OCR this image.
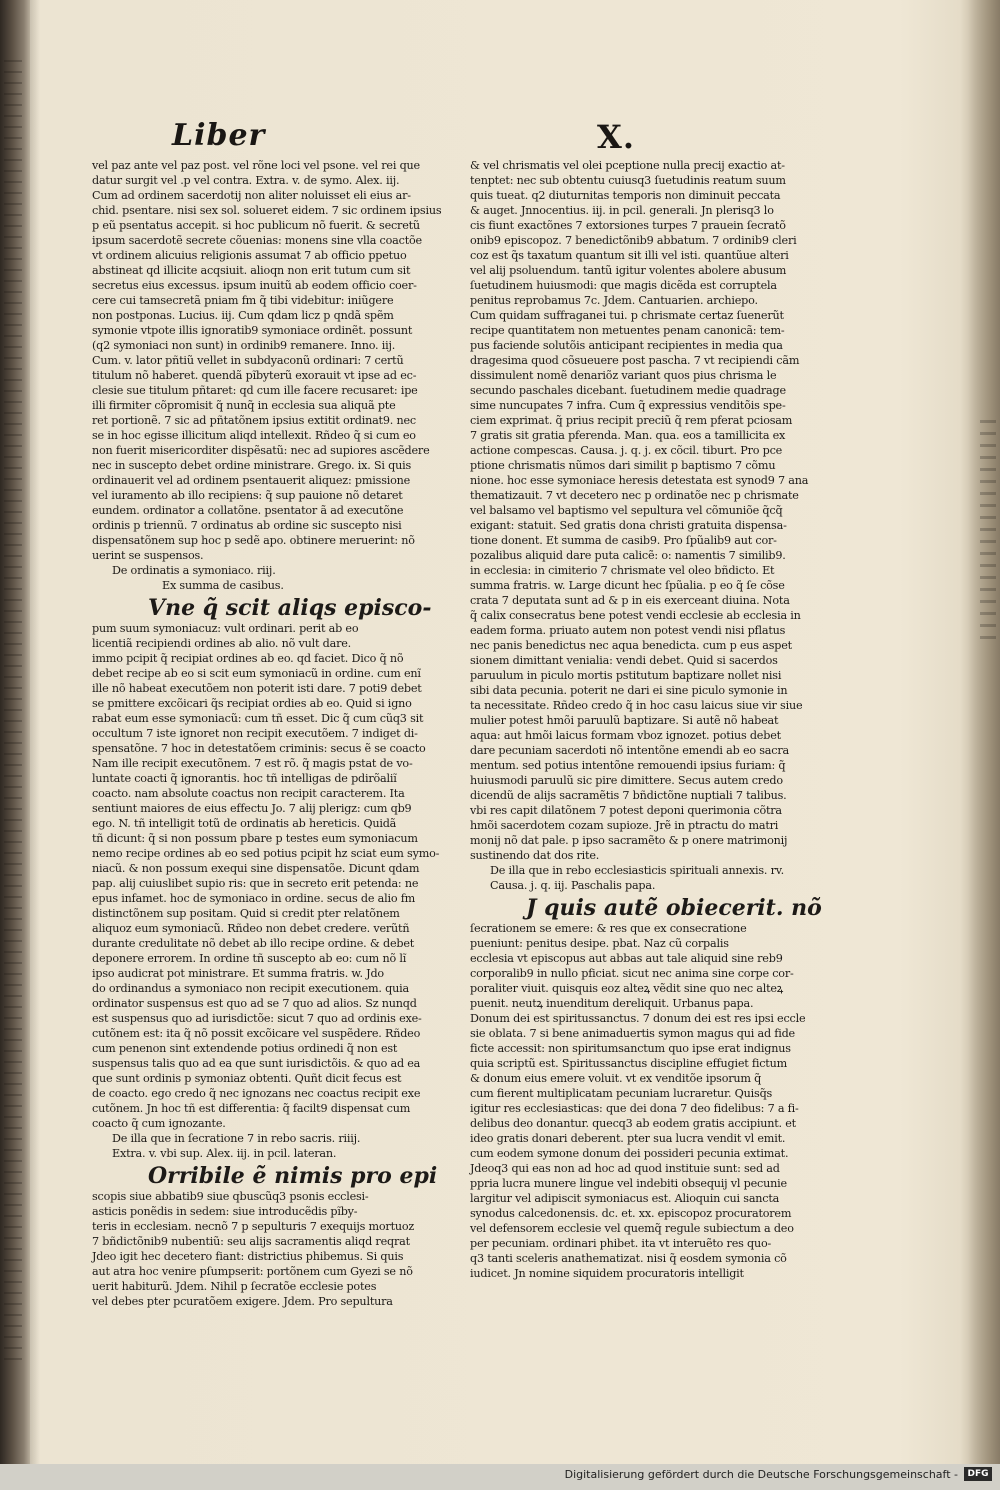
Liber	X.
vel paz ante vel paz post. vel rõne loci vel psone. vel rei que
datur surgit vel .p vel contra. Extra. v. de symo. Alex. iij.
Cum ad ordinem sacerdotij non aliter noluisset eli eius ar-
chid. psentare. nisi sex sol. solueret eidem. 7 sic ordinem ipsius
p eũ psentatus accepit. si hoc publicum nõ fuerit. & secretũ
ipsum sacerdotẽ secrete cõuenias: monens sine vlla coactõe
vt ordinem alicuius religionis assumat 7 ab officio ppetuo
abstineat qd illicite acqsiuit. alioqn non erit tutum cum sit
secretus eius excessus. ipsum inuitũ ab eodem officio coer-
cere cui tamsecretã pniam fm q̃ tibi videbitur: iniũgere
non postponas. Lucius. iij. Cum qdam licz p qndã spẽm
symonie vtpote illis ignoratib9 symoniace ordinẽt. possunt
(q2 symoniaci non sunt) in ordinib9 remanere. Inno. iij.
Cum. v. lator pñtiũ vellet in subdyaconũ ordinari: 7 certũ
titulum nõ haberet. quendã pĩbyterũ exorauit vt ipse ad ec-
clesie sue titulum pñtaret: qd cum ille facere recusaret: ipe
illi firmiter cõpromisit q̃ nunq̃ in ecclesia sua aliquã pte
ret portionẽ. 7 sic ad pñtatõnem ipsius extitit ordinat9. nec
se in hoc egisse illicitum aliqd intellexit. Rñdeo q̃ si cum eo
non fuerit misericorditer dispẽsatũ: nec ad supiores ascẽdere
nec in suscepto debet ordine ministrare. Grego. ix. Si quis
ordinauerit vel ad ordinem psentauerit aliquez: pmissione
vel iuramento ab illo recipiens: q̃ sup pauione nõ detaret
eundem. ordinator a collatõne. psentator ã ad executõne
ordinis p triennũ. 7 ordinatus ab ordine sic suscepto nisi
dispensatõnem sup hoc p sedẽ apo. obtinere meruerint: nõ
uerint se suspensos.
De ordinatis a symoniaco. riij.
Ex summa de casibus.
Vne q̃ scit aliqs episco-
pum suum symoniacuz: vult ordinari. perit ab eo
licentiã recipiendi ordines ab alio. nõ vult dare.
immo pcipit q̃ recipiat ordines ab eo. qd faciet. Dico q̃ nõ
debet recipe ab eo si scit eum symoniacũ in ordine. cum enĩ
ille nõ habeat executõem non poterit isti dare. 7 poti9 debet
se pmittere excõicari q̃s recipiat ordies ab eo. Quid si igno
rabat eum esse symoniacũ: cum tñ esset. Dic q̃ cum cũq3 sit
occultum 7 iste ignoret non recipit executõem. 7 indiget di-
spensatõne. 7 hoc in detestatõem criminis: secus ẽ se coacto
Nam ille recipit executõnem. 7 est rõ. q̃ magis pstat de vo-
luntate coacti q̃ ignorantis. hoc tñ intelligas de pdirõaliĩ
coacto. nam absolute coactus non recipit caracterem. Ita
sentiunt maiores de eius effectu Jo. 7 alij plerigz: cum qb9
ego. N. tñ intelligit totũ de ordinatis ab hereticis. Quidã
tñ dicunt: q̃ si non possum pbare p testes eum symoniacum
nemo recipe ordines ab eo sed potius pcipit hz sciat eum symo-
niacũ. & non possum exequi sine dispensatõe. Dicunt qdam
pap. alij cuiuslibet supio ris: que in secreto erit petenda: ne
epus infamet. hoc de symoniaco in ordine. secus de alio fm
distinctõnem sup positam. Quid si credit pter relatõnem
aliquoz eum symoniacũ. Rñdeo non debet credere. verũtñ
durante credulitate nõ debet ab illo recipe ordine. & debet
deponere errorem. In ordine tñ suscepto ab eo: cum nõ lĩ
ipso audicrat pot ministrare. Et summa fratris. w. Jdo
do ordinandus a symoniaco non recipit executionem. quia
ordinator suspensus est quo ad se 7 quo ad alios. Sz nunqd
est suspensus quo ad iurisdictõe: sicut 7 quo ad ordinis exe-
cutõnem est: ita q̃ nõ possit excõicare vel suspẽdere. Rñdeo
cum penenon sint extendende potius ordinedi q̃ non est
suspensus talis quo ad ea que sunt iurisdictõis. & quo ad ea
que sunt ordinis p symoniaz obtenti. Quñt dicit fecus est
de coacto. ego credo q̃ nec ignozans nec coactus recipit exe
cutõnem. Jn hoc tñ est differentia: q̃ facilt9 dispensat cum
coacto q̃ cum ignozante.
De illa que in ſecratione 7 in rebo sacris. riiij.
Extra. v. vbi sup. Alex. iij. in pcil. lateran.
Orribile ẽ nimis pro epi
scopis siue abbatib9 siue qbuscũq3 psonis ecclesi-
asticis ponẽdis in sedem: siue introducẽdis pĩby-
teris in ecclesiam. necnõ 7 p sepulturis 7 exequijs mortuoz
7 bñdictõnib9 nubentiũ: seu alijs sacramentis aliqd reqrat
Jdeo igit hec decetero fiant: districtius phibemus. Si quis
aut atra hoc venire pſumpserit: portõnem cum Gyezi se nõ
uerit habiturũ. Jdem. Nihil p ſecratõe ecclesie potes
vel debes pter pcuratõem exigere. Jdem. Pro sepultura
& vel chrismatis vel olei pceptione nulla precij exactio at-
tenptet: nec sub obtentu cuiusq3 ſuetudinis reatum suum
quis tueat. q2 diuturnitas temporis non diminuit peccata
& auget. Jnnocentius. iij. in pcil. generali. Jn plerisq3 lo
cis fiunt exactõnes 7 extorsiones turpes 7 prauein ſecratõ
onib9 episcopoz. 7 benedictõnib9 abbatum. 7 ordinib9 cleri
coz est q̃s taxatum quantum sit illi vel isti. quantũue alteri
vel alij psoluendum. tantũ igitur volentes abolere abusum
ſuetudinem huiusmodi: que magis dicẽda est corruptela
penitus reprobamus 7c. Jdem. Cantuarien. archiepo.
Cum quidam suffraganei tui. p chrismate certaz ſuenerũt
recipe quantitatem non metuentes penam canonicã: tem-
pus faciende solutõis anticipant recipientes in media qua
dragesima quod cõsueuere post pascha. 7 vt recipiendi cãm
dissimulent nomẽ denariõz variant quos pius chrisma le
secundo paschales dicebant. ſuetudinem medie quadrage
sime nuncupates 7 infra. Cum q̃ expressius venditõis spe-
ciem exprimat. q̃ prius recipit preciũ q̃ rem pferat pciosam
7 gratis sit gratia pferenda. Man. qua. eos a tamillicita ex
actione compescas. Causa. j. q. j. ex cõcil. tiburt. Pro pce
ptione chrismatis nũmos dari similit p baptismo 7 cõmu
nione. hoc esse symoniace heresis detestata est synod9 7 ana
thematizauit. 7 vt decetero nec p ordinatõe nec p chrismate
vel balsamo vel baptismo vel sepultura vel cõmuniõe q̃cq̃
exigant: statuit. Sed gratis dona christi gratuita dispensa-
tione donent. Et summa de casib9. Pro ſpũalib9 aut cor-
pozalibus aliquid dare puta calicẽ: o: namentis 7 similib9.
in ecclesia: in cimiterio 7 chrismate vel oleo bñdicto. Et
summa fratris. w. Large dicunt hec ſpũalia. p eo q̃ ſe cõse
crata 7 deputata sunt ad & p in eis exerceant diuina. Nota
q̃ calix consecratus bene potest vendi ecclesie ab ecclesia in
eadem forma. priuato autem non potest vendi nisi pflatus
nec panis benedictus nec aqua benedicta. cum p eus aspet
sionem dimittant venialia: vendi debet. Quid si sacerdos
paruulum in piculo mortis pstitutum baptizare nollet nisi
sibi data pecunia. poterit ne dari ei sine piculo symonie in
ta necessitate. Rñdeo credo q̃ in hoc casu laicus siue vir siue
mulier potest hmõi paruulũ baptizare. Si autẽ nõ habeat
aqua: aut hmõi laicus formam vboz ignozet. potius debet
dare pecuniam sacerdoti nõ intentõne emendi ab eo sacra
mentum. sed potius intentõne remouendi ipsius furiam: q̃
huiusmodi paruulũ sic pire dimittere. Secus autem credo
dicendũ de alijs sacramẽtis 7 bñdictõne nuptiali 7 talibus.
vbi res capit dilatõnem 7 potest deponi querimonia cõtra
hmõi sacerdotem cozam supioze. Jrẽ in ptractu do matri
monij nõ dat pale. p ipso sacramẽto & p onere matrimonij
sustinendo dat dos rite.
De illa que in rebo ecclesiasticis spirituali annexis. rv.
Causa. j. q. iij. Paschalis papa.
J quis autẽ obiecerit. nõ
ſecrationem se emere: & res que ex consecratione
pueniunt: penitus desipe. pbat. Naz cũ corpalis
ecclesia vt episcopus aut abbas aut tale aliquid sine reb9
corporalib9 in nullo pficiat. sicut nec anima sine corpe cor-
poraliter viuit. quisquis eoz alteꝝ vẽdit sine quo nec alteꝝ
puenit. neutꝝ inuenditum dereliquit. Urbanus papa.
Donum dei est spiritussanctus. 7 donum dei est res ipsi eccle
sie oblata. 7 si bene animaduertis symon magus qui ad fide
ficte accessit: non spiritumsanctum quo ipse erat indignus
quia scriptũ est. Spiritussanctus discipline effugiet fictum
& donum eius emere voluit. vt ex venditõe ipsorum q̃
cum fierent multiplicatam pecuniam lucraretur. Quisq̃s
igitur res ecclesiasticas: que dei dona 7 deo fidelibus: 7 a fi-
delibus deo donantur. quecq3 ab eodem gratis accipiunt. et
ideo gratis donari deberent. pter sua lucra vendit vl emit.
cum eodem symone donum dei possideri pecunia extimat.
Jdeoq3 qui eas non ad hoc ad quod instituie sunt: sed ad
ppria lucra munere lingue vel indebiti obsequij vl pecunie
largitur vel adipiscit symoniacus est. Alioquin cui sancta
synodus calcedonensis. dc. et. xx. episcopoz procuratorem
vel defensorem ecclesie vel quemq̃ regule subiectum a deo
per pecuniam. ordinari phibet. ita vt interuẽto res quo-
q3 tanti sceleris anathematizat. nisi q̃ eosdem symonia cõ
iudicet. Jn nomine siquidem procuratoris intelligit
Digitalisierung gefördert durch die Deutsche Forschungsgemeinschaft -	DFG
